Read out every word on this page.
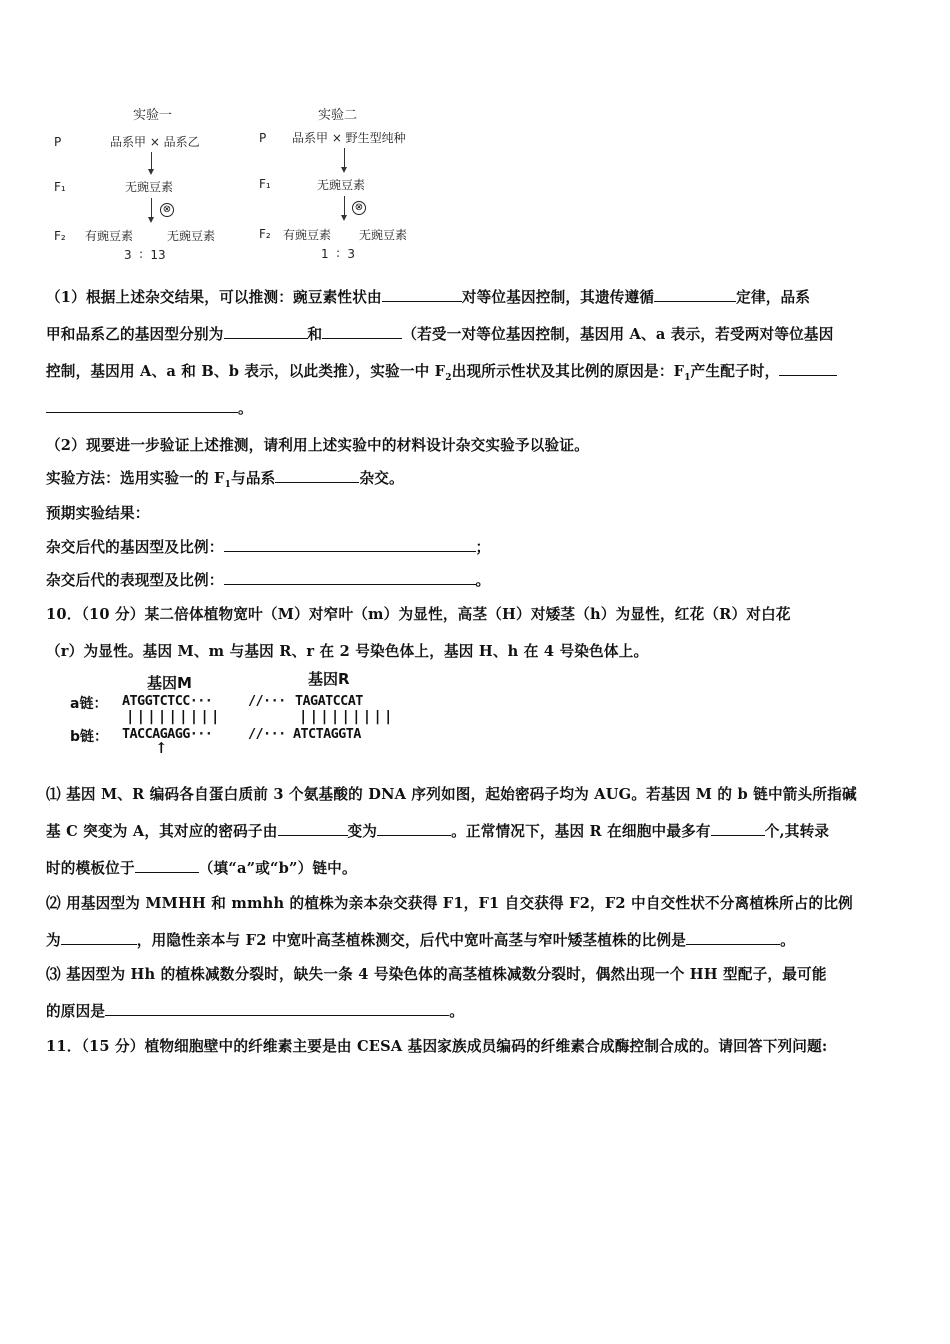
实验一
P	品系甲 × 品系乙
F₁	无豌豆素
⊗
F₂ 有豌豆素	无豌豆素
3 ∶ 13
实验二
P 品系甲 × 野生型纯种
F₁	无豌豆素
⊗
F₂ 有豌豆素 无豌豆素
1 ∶ 3
（1）根据上述杂交结果，可以推测：豌豆素性状由	对等位基因控制，其遗传遵循	定律，品系
甲和品系乙的基因型分别为	和	（若受一对等位基因控制，基因用 A、a 表示，若受两对等位基因
控制，基因用 A、a 和 B、b 表示，以此类推），实验一中 $F_2$出现所示性状及其比例的原因是：$F_1$产生配子时，
。
（2）现要进一步验证上述推测，请利用上述实验中的材料设计杂交实验予以验证。
实验方法：选用实验一的 $F_1$与品系	杂交。
预期实验结果：
杂交后代的基因型及比例：	；
杂交后代的表现型及比例：	。
10．（10 分）某二倍体植物宽叶（M）对窄叶（m）为显性，高茎（H）对矮茎（h）为显性，红花（R）对白花
（r）为显性。基因 M、m 与基因 R、r 在 2 号染色体上，基因 H、h 在 4 号染色体上。
基因M	基因R
a链： ATGGTCTCC···	//··· TAGATCCAT
|||||||||	|||||||||
b链： TACCAGAGG···	//··· ATCTAGGTA
↑
⑴ 基因 M、R 编码各自蛋白质前 3 个氨基酸的 DNA 序列如图，起始密码子均为 AUG。若基因 M 的 b 链中箭头所指碱
基 C 突变为 A，其对应的密码子由	变为	。正常情况下，基因 R 在细胞中最多有	个,其转录
时的模板位于	（填“a”或“b”）链中。
⑵ 用基因型为 MMHH 和 mmhh 的植株为亲本杂交获得 F1，F1 自交获得 F2，F2 中自交性状不分离植株所占的比例
为	，用隐性亲本与 F2 中宽叶高茎植株测交，后代中宽叶高茎与窄叶矮茎植株的比例是	。
⑶ 基因型为 Hh 的植株减数分裂时，缺失一条 4 号染色体的高茎植株减数分裂时，偶然出现一个 HH 型配子，最可能
的原因是	。
11．（15 分）植物细胞壁中的纤维素主要是由 CESA 基因家族成员编码的纤维素合成酶控制合成的。请回答下列问题:
